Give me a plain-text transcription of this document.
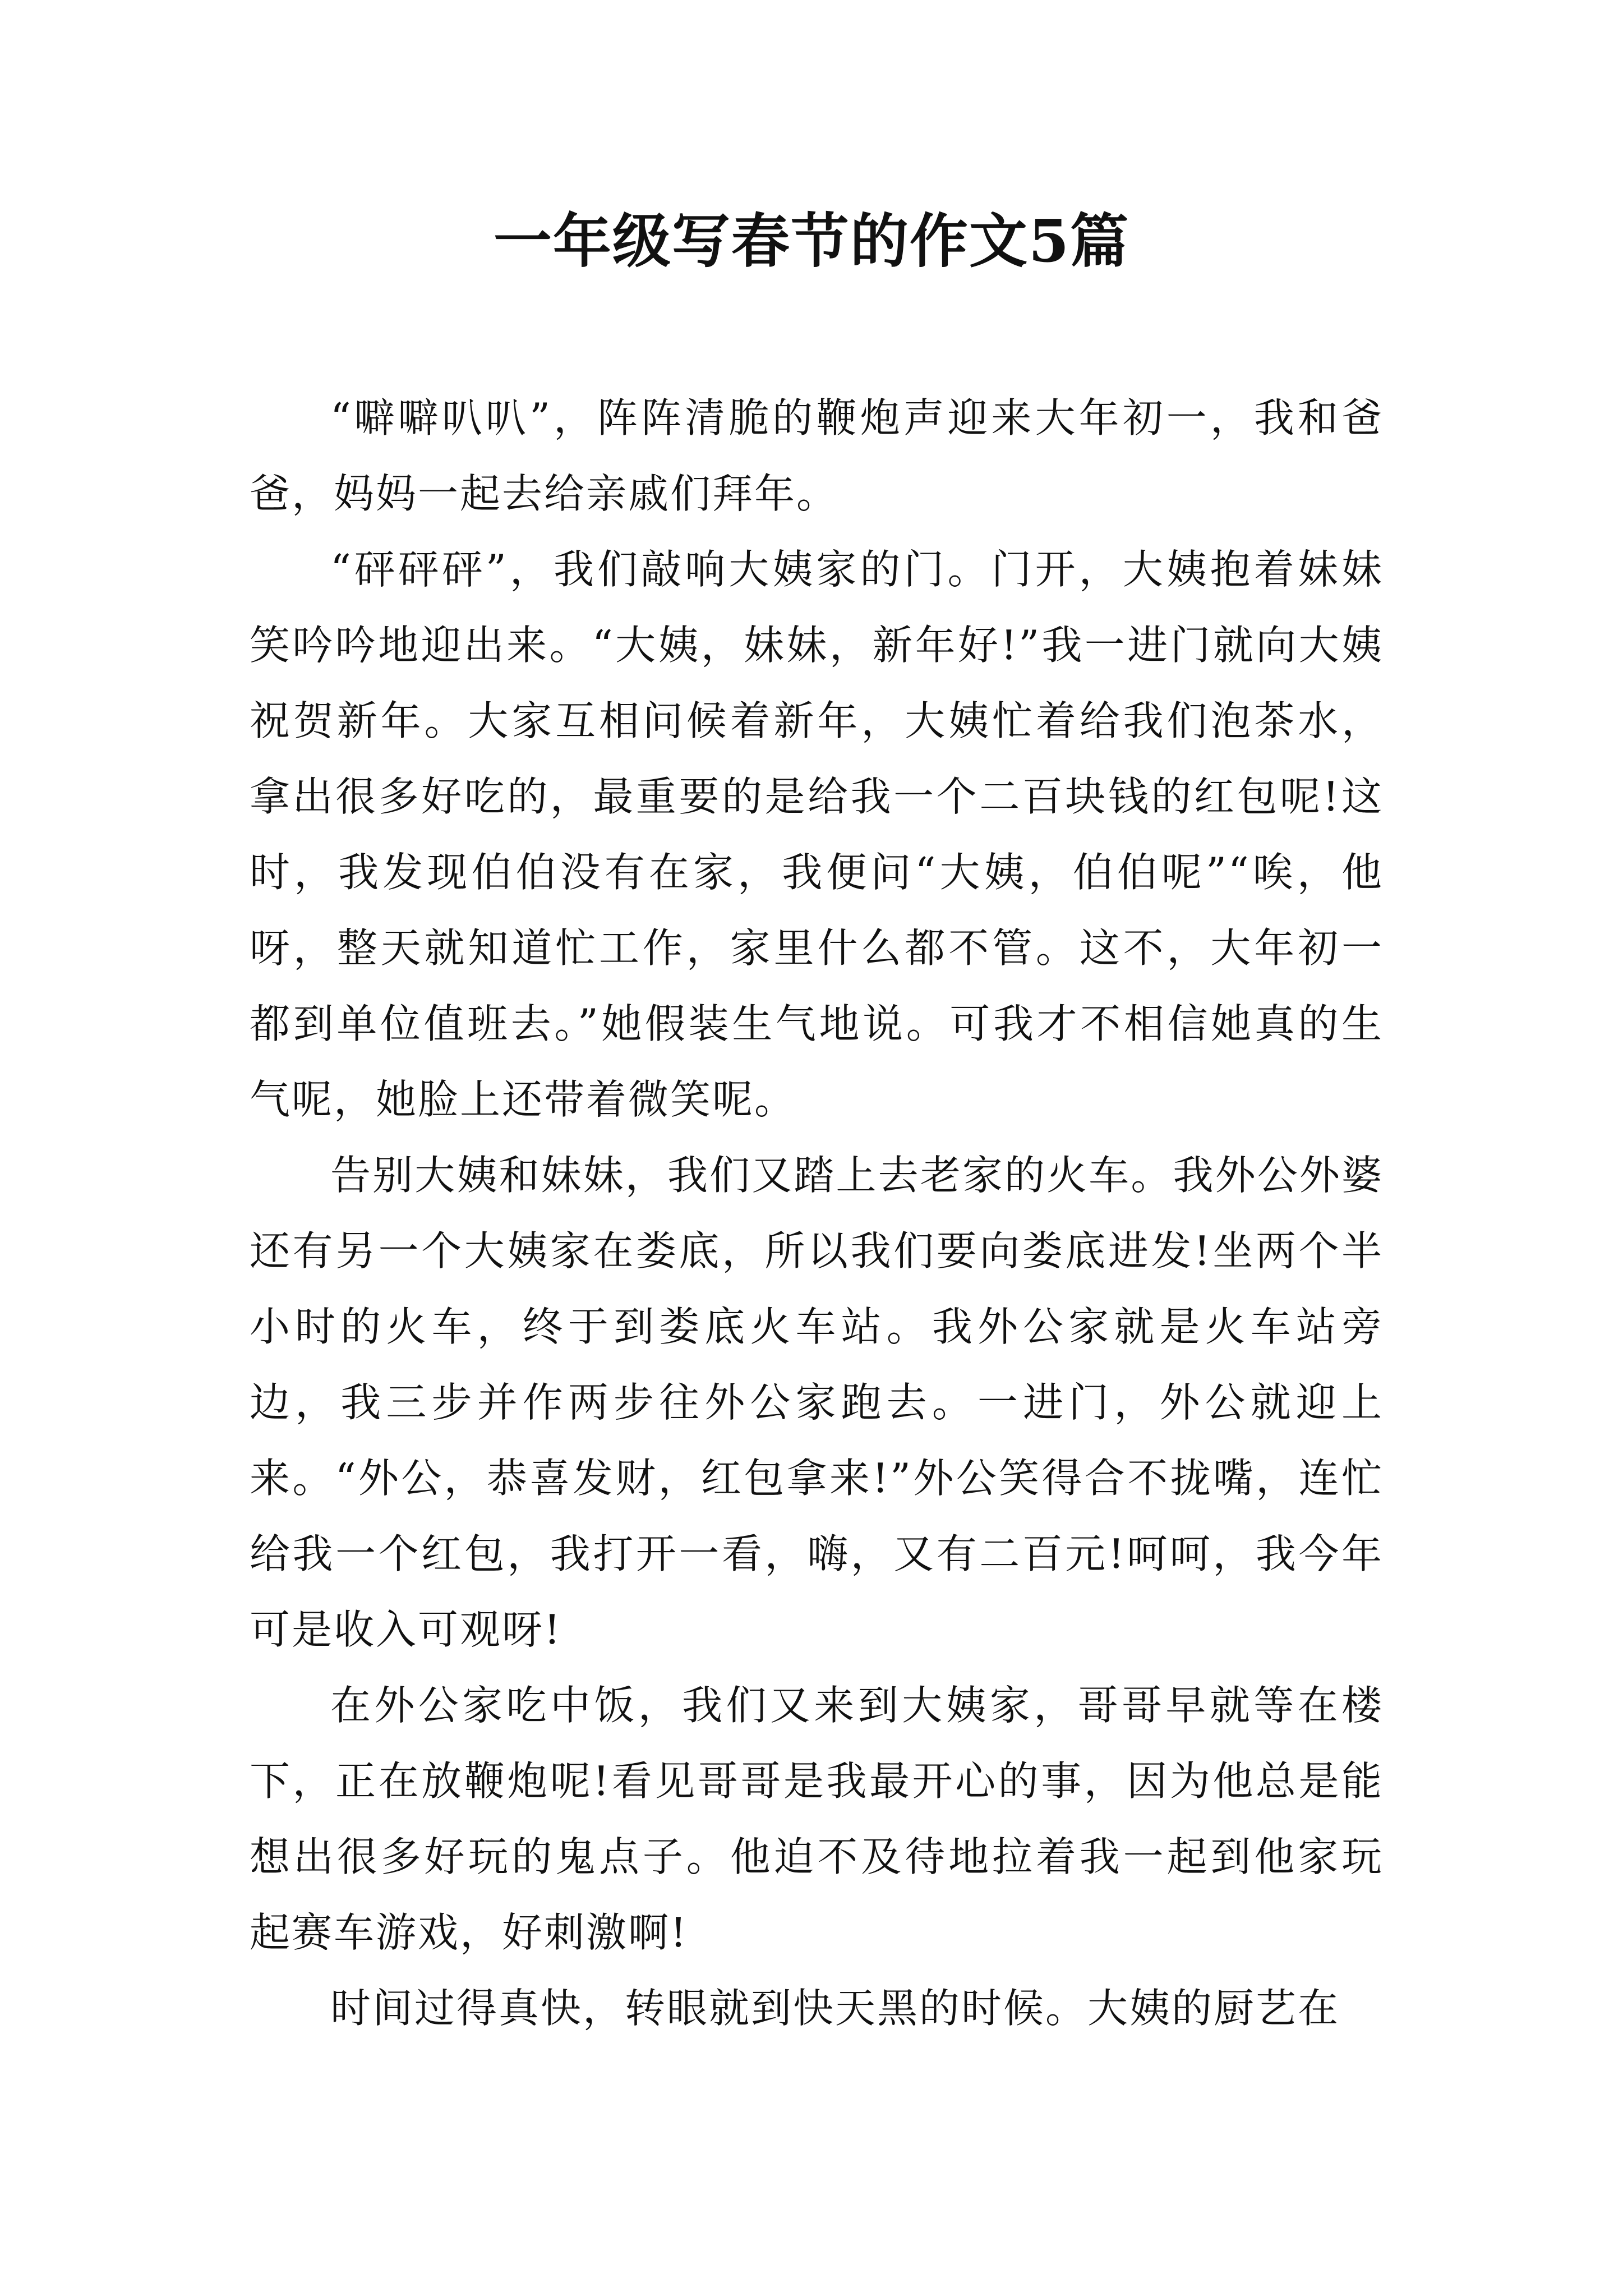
一年级写春节的作文5篇

“噼噼叭叭”，阵阵清脆的鞭炮声迎来大年初一，我和爸爸，妈妈一起去给亲戚们拜年。

“砰砰砰”，我们敲响大姨家的门。门开，大姨抱着妹妹笑吟吟地迎出来。“大姨，妹妹，新年好!”我一进门就向大姨祝贺新年。大家互相问候着新年，大姨忙着给我们泡茶水，拿出很多好吃的，最重要的是给我一个二百块钱的红包呢!这时，我发现伯伯没有在家，我便问“大姨，伯伯呢”“唉，他呀，整天就知道忙工作，家里什么都不管。这不，大年初一都到单位值班去。”她假装生气地说。可我才不相信她真的生气呢，她脸上还带着微笑呢。

告别大姨和妹妹，我们又踏上去老家的火车。我外公外婆还有另一个大姨家在娄底，所以我们要向娄底进发!坐两个半小时的火车，终于到娄底火车站。我外公家就是火车站旁边，我三步并作两步往外公家跑去。一进门，外公就迎上来。“外公，恭喜发财，红包拿来!”外公笑得合不拢嘴，连忙给我一个红包，我打开一看，嗨，又有二百元!呵呵，我今年可是收入可观呀!

在外公家吃中饭，我们又来到大姨家，哥哥早就等在楼下，正在放鞭炮呢!看见哥哥是我最开心的事，因为他总是能想出很多好玩的鬼点子。他迫不及待地拉着我一起到他家玩起赛车游戏，好刺激啊!

时间过得真快，转眼就到快天黑的时候。大姨的厨艺在
